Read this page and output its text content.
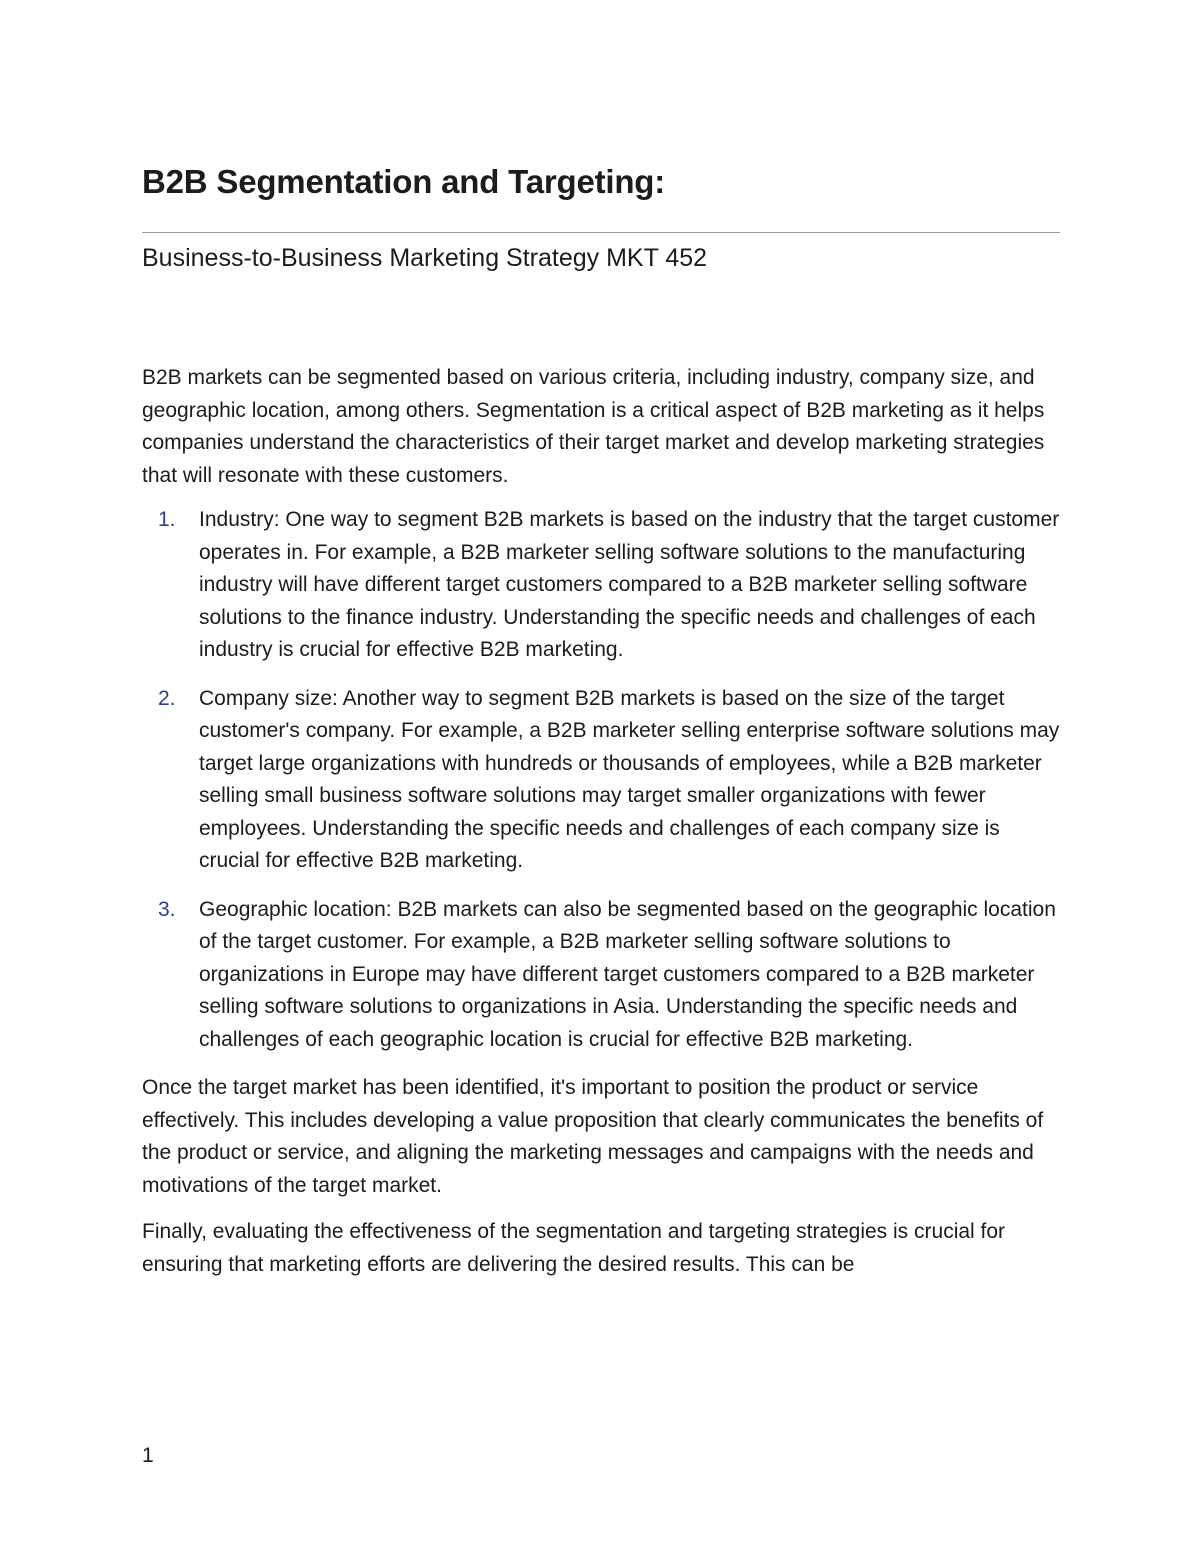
B2B Segmentation and Targeting:
Business-to-Business Marketing Strategy MKT 452

B2B markets can be segmented based on various criteria, including industry, company size, and geographic location, among others. Segmentation is a critical aspect of B2B marketing as it helps companies understand the characteristics of their target market and develop marketing strategies that will resonate with these customers.

1. Industry: One way to segment B2B markets is based on the industry that the target customer operates in. For example, a B2B marketer selling software solutions to the manufacturing industry will have different target customers compared to a B2B marketer selling software solutions to the finance industry. Understanding the specific needs and challenges of each industry is crucial for effective B2B marketing.
2. Company size: Another way to segment B2B markets is based on the size of the target customer's company. For example, a B2B marketer selling enterprise software solutions may target large organizations with hundreds or thousands of employees, while a B2B marketer selling small business software solutions may target smaller organizations with fewer employees. Understanding the specific needs and challenges of each company size is crucial for effective B2B marketing.
3. Geographic location: B2B markets can also be segmented based on the geographic location of the target customer. For example, a B2B marketer selling software solutions to organizations in Europe may have different target customers compared to a B2B marketer selling software solutions to organizations in Asia. Understanding the specific needs and challenges of each geographic location is crucial for effective B2B marketing.

Once the target market has been identified, it's important to position the product or service effectively. This includes developing a value proposition that clearly communicates the benefits of the product or service, and aligning the marketing messages and campaigns with the needs and motivations of the target market.

Finally, evaluating the effectiveness of the segmentation and targeting strategies is crucial for ensuring that marketing efforts are delivering the desired results. This can be

1
